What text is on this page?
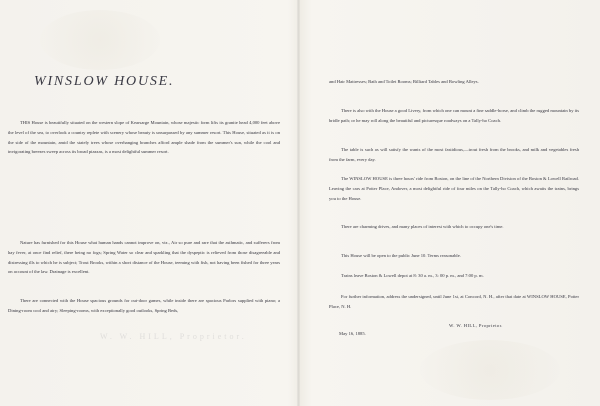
WINSLOW HOUSE.

THIS House is beautifully situated on the western slope of Kearsarge Mountain, whose majestic form lifts its granite head 4,000 feet above the level of the sea, to overlook a country replete with scenery whose beauty is unsurpassed by any summer resort. This House, situated as it is on the side of the mountain, amid the stately trees whose overhanging branches afford ample shade from the summer's sun, while the cool and invigorating breezes sweep across its broad piazzas, is a most delightful summer resort.

Nature has furnished for this House what human hands cannot improve on, viz., Air so pure and rare that the asthmatic, and sufferers from hay fever, at once find relief, there being no fogs; Spring Water so clear and sparkling that the dyspeptic is relieved from those disagreeable and distressing ills to which he is subject; Trout Brooks, within a short distance of the House, teeming with fish, not having been fished for three years on account of the law. Drainage is excellent.

There are connected with the House spacious grounds for out-door games, while inside there are spacious Parlors supplied with piano; a Dining-room cool and airy; Sleeping-rooms, with exceptionally good outlooks, Spring Beds,

W. W. HILL, Proprietor.

and Hair Mattresses; Bath and Toilet Rooms; Billiard Tables and Bowling Alleys.

There is also with the House a good Livery, from which one can mount a fine saddle-horse, and climb the rugged mountain by its bridle path; or he may roll along the beautiful and picturesque roadways on a Tally-ho Coach.

The table is such as will satisfy the wants of the most fastidious,—trout fresh from the brooks, and milk and vegetables fresh from the farm, every day.

The WINSLOW HOUSE is three hours' ride from Boston, on the line of the Northern Division of the Boston & Lowell Railroad. Leaving the cars at Potter Place, Andover, a most delightful ride of four miles on the Tally-ho Coach, which awaits the trains, brings you to the House.

There are charming drives, and many places of interest with which to occupy one's time.

This House will be open to the public June 10. Terms reasonable.

Trains leave Boston & Lowell depot at 8: 30 a. m., 3: 00 p. m., and 7:00 p. m.

For further information, address the undersigned, until June 1st, at Concord, N. H., after that date at WINSLOW HOUSE, Potter Place, N. H.

W. W. HILL, Proprietor.
May 16, 1885.
